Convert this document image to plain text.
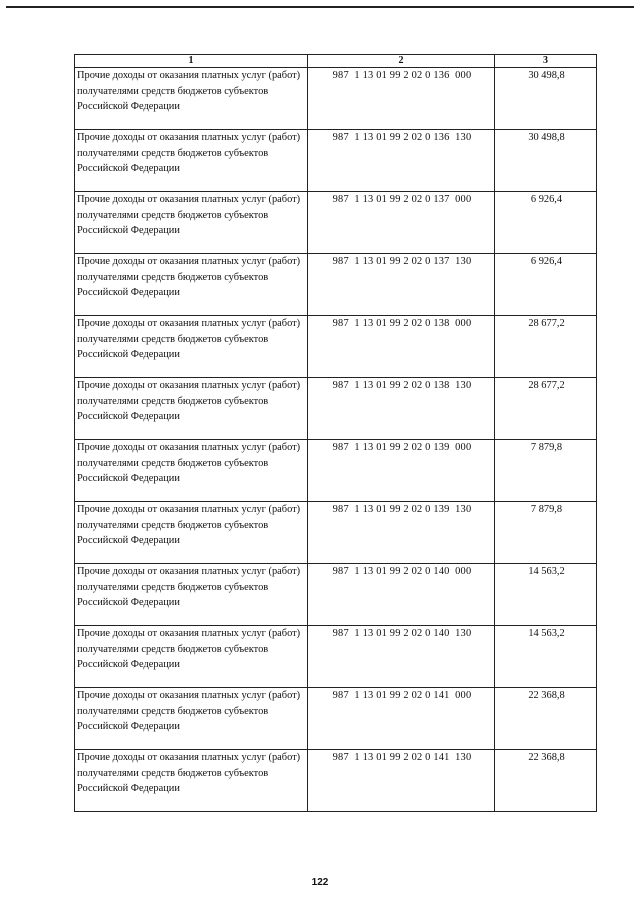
1	2	3
Прочие доходы от оказания платных услуг (работ) получателями средств бюджетов субъектов Российской Федерации	987  1 13 01 99 2 02 0 136  000	30 498,8
Прочие доходы от оказания платных услуг (работ) получателями средств бюджетов субъектов Российской Федерации	987  1 13 01 99 2 02 0 136  130	30 498,8
Прочие доходы от оказания платных услуг (работ) получателями средств бюджетов субъектов Российской Федерации	987  1 13 01 99 2 02 0 137  000	6 926,4
Прочие доходы от оказания платных услуг (работ) получателями средств бюджетов субъектов Российской Федерации	987  1 13 01 99 2 02 0 137  130	6 926,4
Прочие доходы от оказания платных услуг (работ) получателями средств бюджетов субъектов Российской Федерации	987  1 13 01 99 2 02 0 138  000	28 677,2
Прочие доходы от оказания платных услуг (работ) получателями средств бюджетов субъектов Российской Федерации	987  1 13 01 99 2 02 0 138  130	28 677,2
Прочие доходы от оказания платных услуг (работ) получателями средств бюджетов субъектов Российской Федерации	987  1 13 01 99 2 02 0 139  000	7 879,8
Прочие доходы от оказания платных услуг (работ) получателями средств бюджетов субъектов Российской Федерации	987  1 13 01 99 2 02 0 139  130	7 879,8
Прочие доходы от оказания платных услуг (работ) получателями средств бюджетов субъектов Российской Федерации	987  1 13 01 99 2 02 0 140  000	14 563,2
Прочие доходы от оказания платных услуг (работ) получателями средств бюджетов субъектов Российской Федерации	987  1 13 01 99 2 02 0 140  130	14 563,2
Прочие доходы от оказания платных услуг (работ) получателями средств бюджетов субъектов Российской Федерации	987  1 13 01 99 2 02 0 141  000	22 368,8
Прочие доходы от оказания платных услуг (работ) получателями средств бюджетов субъектов Российской Федерации	987  1 13 01 99 2 02 0 141  130	22 368,8
122
